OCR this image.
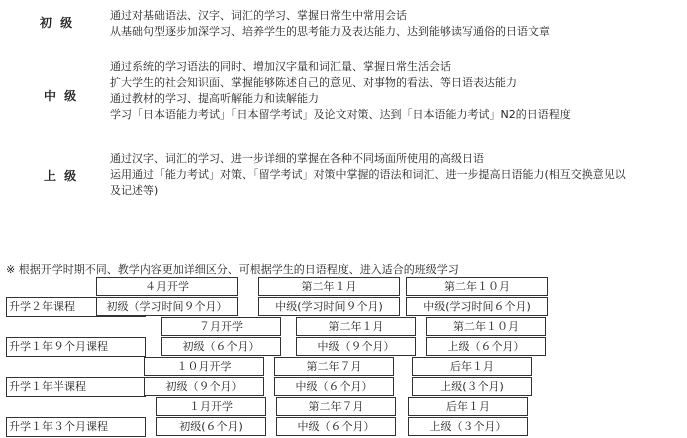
初 级
通过对基础语法、汉字、词汇的学习、掌握日常生中常用会话
从基础句型逐步加深学习、培养学生的思考能力及表达能力、达到能够读写通俗的日语文章
中 级
通过系统的学习语法的同时、增加汉字量和词汇量、掌握日常生活会话
扩大学生的社会知识面、掌握能够陈述自己的意见、对事物的看法、等日语表达能力
通过教材的学习、提高听解能力和读解能力
学习「日本语能力考试」「日本留学考试」及论文对策、达到「日本语能力考试」N2的日语程度
上 级
通过汉字、词汇的学习、进一步详细的掌握在各种不同场面所使用的高级日语
运用通过「能力考试」对策、「留学考试」对策中掌握的语法和词汇、进一步提高日语能力(相互交换意见以
及记述等)
※ 根据开学时期不同、教学内容更加详细区分、可根据学生的日语程度、进入适合的班级学习
４月开学	第二年１月	第二年１０月
升学２年课程	初级（学习时间９个月）	中级(学习时间９个月)	中级(学习时间６个月)
７月开学	第二年１月	第二年１０月
升学１年９个月课程	初级（６个月）	中级（９个月）	上级（６个月）
１０月开学	第二年７月	后年１月
升学１年半课程	初级（９个月）	中级（６个月）	上级(３个月)
１月开学	第二年７月	后年１月
升学１年３个月课程	初级(６个月)	中级（６个月）	上级（３个月）
